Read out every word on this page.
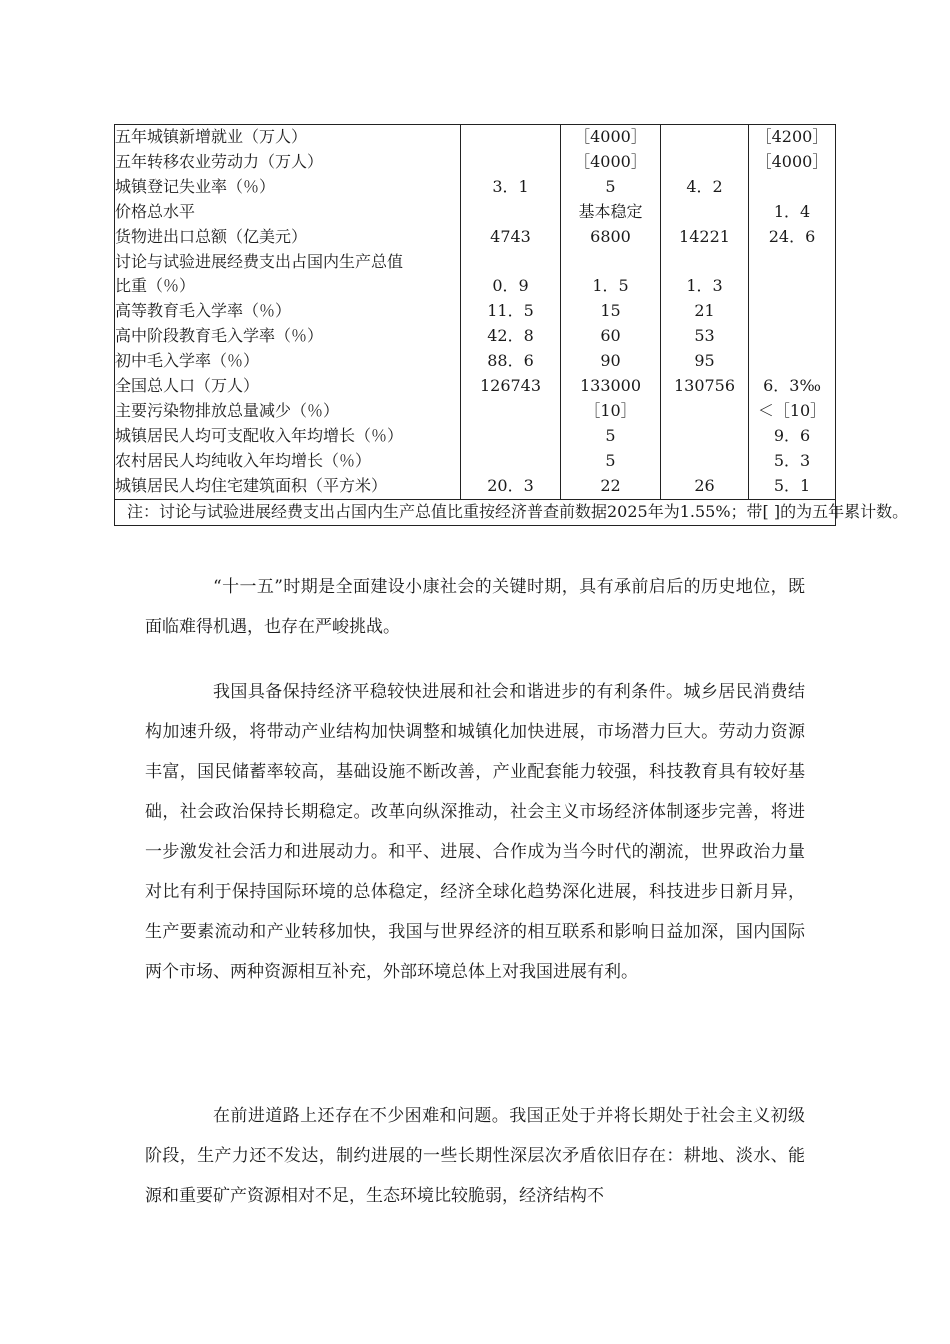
五年城镇新增就业（万人）		［4000］		［4200］
五年转移农业劳动力（万人）		［4000］		［4000］
城镇登记失业率（％）	3．1	5	4．2	
价格总水平		基本稳定		1．4
货物进出口总额（亿美元）	4743	6800	14221	24．6
讨论与试验进展经费支出占国内生产总值				
比重（％）	0．9	1．5	1．3	
高等教育毛入学率（％）	11．5	15	21	
高中阶段教育毛入学率（％）	42．8	60	53	
初中毛入学率（％）	88．6	90	95	
全国总人口（万人）	126743	133000	130756	6．3‰
主要污染物排放总量减少（％）		［10］		＜［10］
城镇居民人均可支配收入年均增长（％）		5		9．6
农村居民人均纯收入年均增长（％）		5		5．3
城镇居民人均住宅建筑面积（平方米）	20．3	22	26	5．1

注：讨论与试验进展经费支出占国内生产总值比重按经济普查前数据2025年为1.55%；带[ ]的为五年累计数。				

“十一五”时期是全面建设小康社会的关键时期，具有承前启后的历史地位，既面临难得机遇，也存在严峻挑战。

我国具备保持经济平稳较快进展和社会和谐进步的有利条件。城乡居民消费结构加速升级，将带动产业结构加快调整和城镇化加快进展，市场潜力巨大。劳动力资源丰富，国民储蓄率较高，基础设施不断改善，产业配套能力较强，科技教育具有较好基础，社会政治保持长期稳定。改革向纵深推动，社会主义市场经济体制逐步完善，将进一步激发社会活力和进展动力。和平、进展、合作成为当今时代的潮流，世界政治力量对比有利于保持国际环境的总体稳定，经济全球化趋势深化进展，科技进步日新月异，生产要素流动和产业转移加快，我国与世界经济的相互联系和影响日益加深，国内国际两个市场、两种资源相互补充，外部环境总体上对我国进展有利。

在前进道路上还存在不少困难和问题。我国正处于并将长期处于社会主义初级阶段，生产力还不发达，制约进展的一些长期性深层次矛盾依旧存在：耕地、淡水、能源和重要矿产资源相对不足，生态环境比较脆弱，经济结构不
